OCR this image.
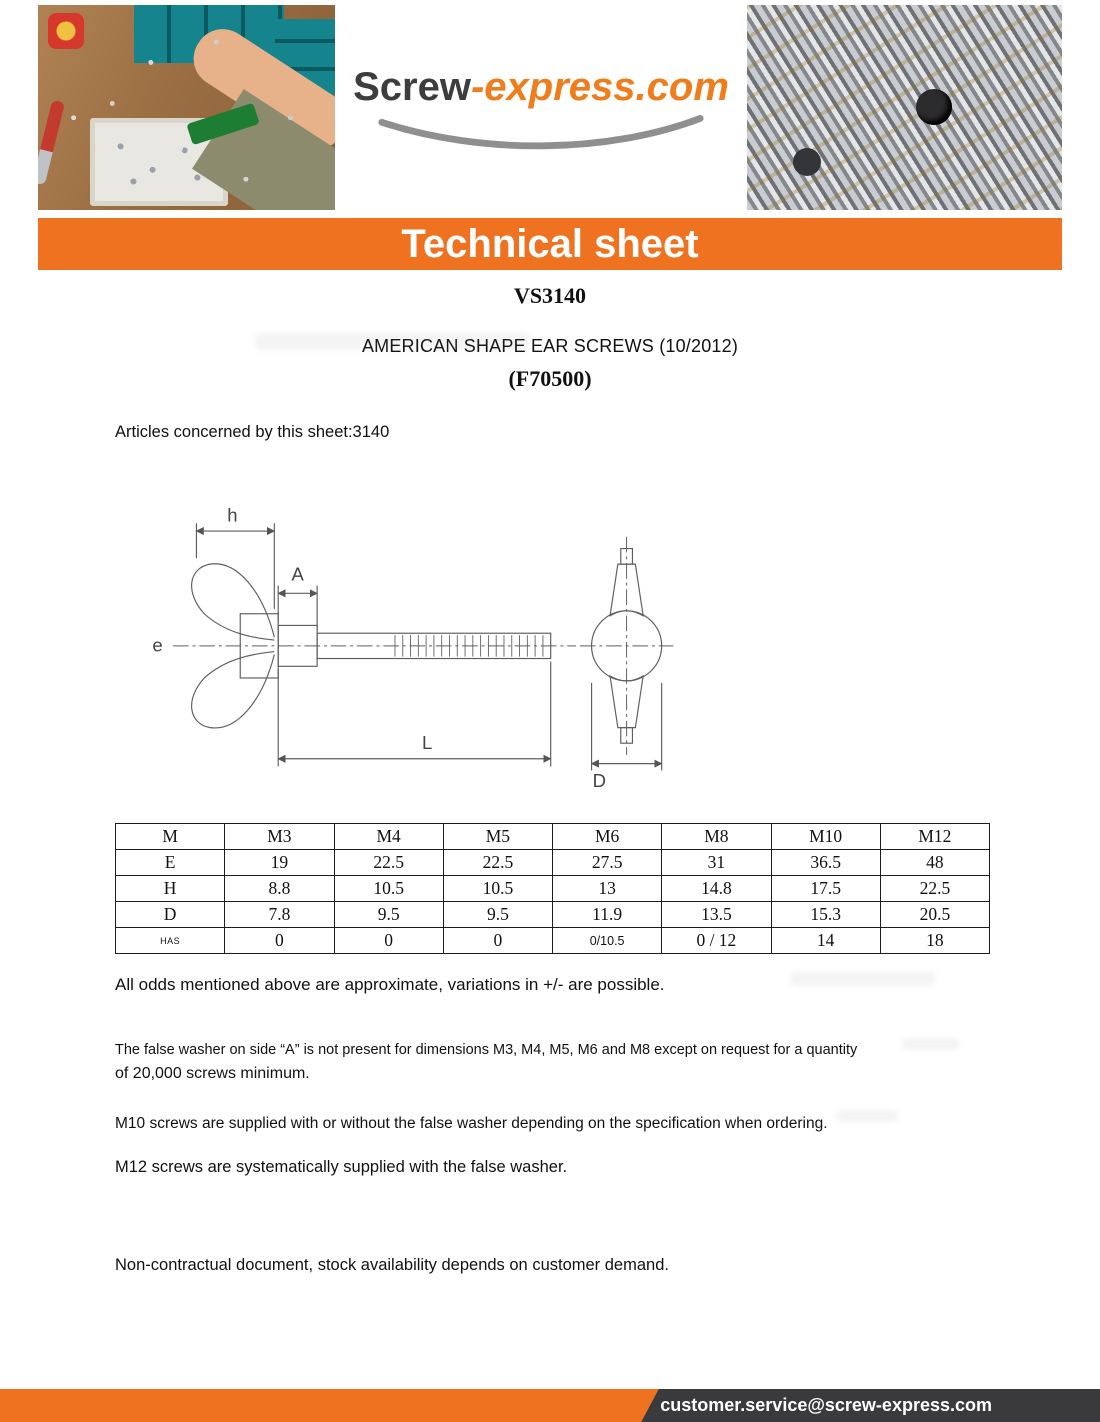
Screw-express.com
Technical sheet
VS3140
AMERICAN SHAPE EAR SCREWS (10/2012)
(F70500)
Articles concerned by this sheet:3140
h
A
e
L
D
M	M3	M4	M5	M6	M8	M10	M12
E	19	22.5	22.5	27.5	31	36.5	48
H	8.8	10.5	10.5	13	14.8	17.5	22.5
D	7.8	9.5	9.5	11.9	13.5	15.3	20.5
HAS	0	0	0	0/10.5	0 / 12	14	18
All odds mentioned above are approximate, variations in +/- are possible.
The false washer on side “A” is not present for dimensions M3, M4, M5, M6 and M8 except on request for a quantity
of 20,000 screws minimum.
M10 screws are supplied with or without the false washer depending on the specification when ordering.
M12 screws are systematically supplied with the false washer.
Non-contractual document, stock availability depends on customer demand.
customer.service@screw-express.com
